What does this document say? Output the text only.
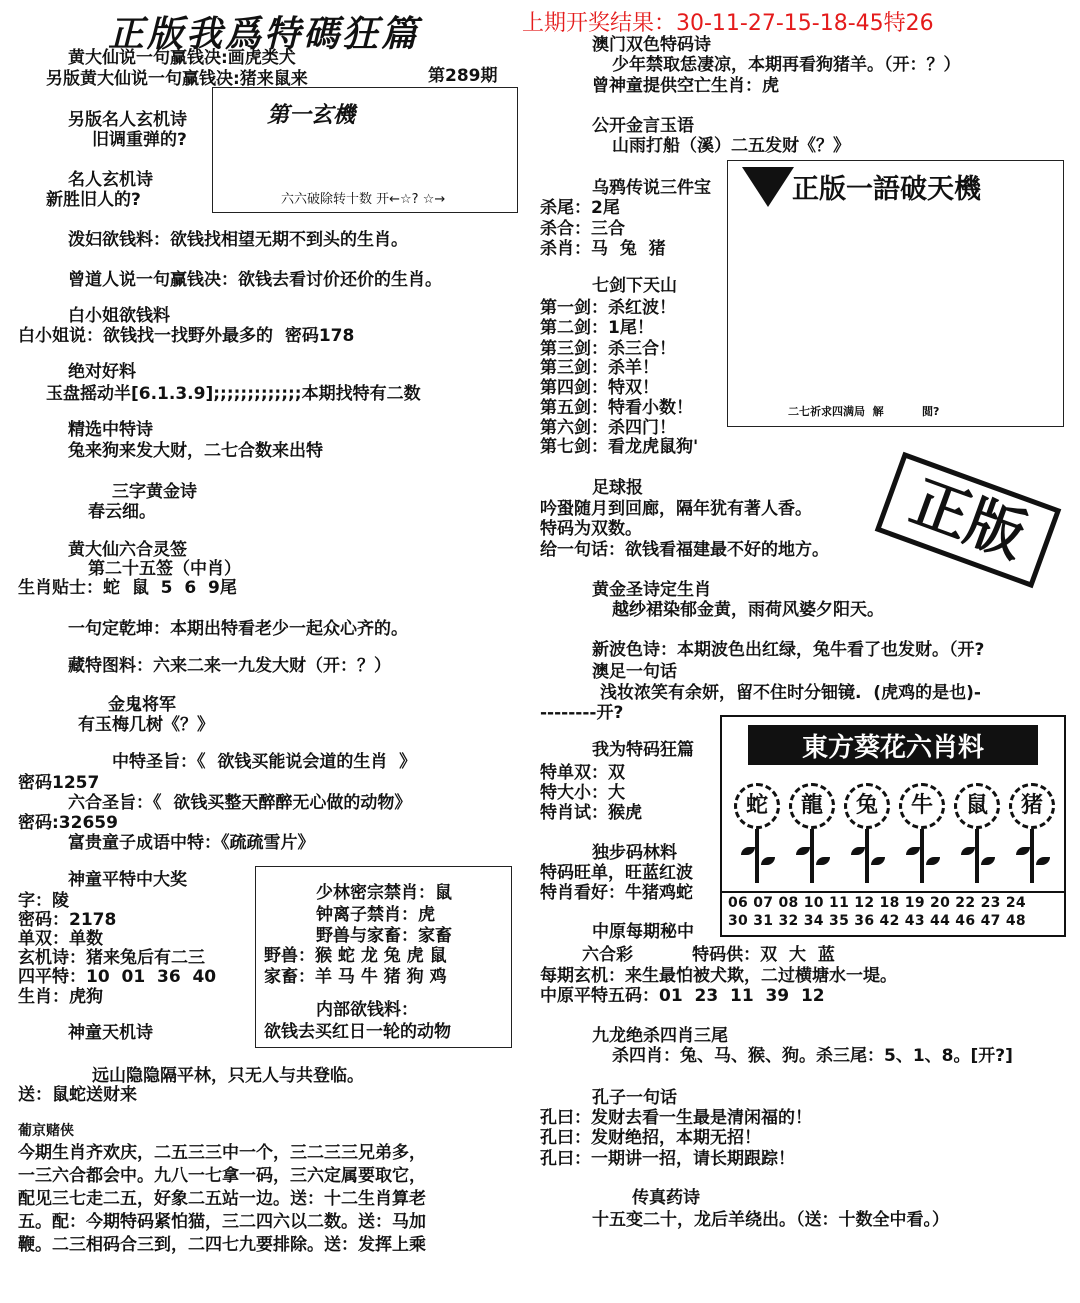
正版我爲特碼狂篇	上期开奖结果：30-11-27-15-18-45特26
第一玄機
六六破除转十数 开←☆? ☆→
第289期
少林密宗禁肖：鼠
钟离子禁肖：虎
野兽与家畜：家畜
野兽：猴 蛇 龙 兔 虎 鼠
家畜：羊 马 牛 猪 狗 鸡
内部欲钱料：
欲钱去买红日一轮的动物
黄大仙说一句赢钱决:画虎类犬
另版黄大仙说一句赢钱决:猪来鼠来
另版名人玄机诗
旧调重弹的?
名人玄机诗
新胜旧人的?
泼妇欲钱料：欲钱找相望无期不到头的生肖。
曾道人说一句赢钱决：欲钱去看讨价还价的生肖。
白小姐欲钱料
白小姐说：欲钱找一找野外最多的  密码178
绝对好料
玉盘摇动半[6.1.3.9];;;;;;;;;;;;;本期找特有二数
精选中特诗
兔来狗来发大财，二七合数来出特
三字黄金诗
春云细。
黄大仙六合灵签
第二十五签（中肖）
生肖贴士：蛇  鼠  5  6  9尾
一句定乾坤：本期出特看老少一起众心齐的。
藏特图料：六来二来一九发大财（开：？）
金鬼将军
有玉梅几树《？》
中特圣旨：《  欲钱买能说会道的生肖  》
密码1257
六合圣旨：《  欲钱买整天醉醉无心做的动物》
密码:32659
富贵童子成语中特：《疏疏雪片》
神童平特中大奖
字：陵
密码：2178
单双：单数
玄机诗：猪来兔后有二三
四平特：10  01  36  40
生肖：虎狗
神童天机诗
远山隐隐隔平林，只无人与共登临。
送：鼠蛇送财来
葡京赌侠
今期生肖齐欢庆，二五三三中一个，三二三三兄弟多，
一三六合都会中。九八一七拿一码，三六定属要取它，
配见三七走二五，好象二五站一边。送：十二生肖算老
五。配：今期特码紧怕猫，三二四六以二数。送：马加
鞭。二三相码合三到，二四七九要排除。送：发挥上乘
正版一語破天機
二七祈求四满局  解          閲?
正版
東方葵花六肖料
蛇	龍	兔	牛	鼠	猪
06 07 08 10 11 12 18 19 20 22 23 24
30 31 32 34 35 36 42 43 44 46 47 48
澳门双色特码诗
少年禁取恁凄凉，本期再看狗猪羊。（开：？）
曾神童提供空亡生肖：虎
公开金言玉语
山雨打船（溪）二五发财《？》
乌鸦传说三件宝
杀尾：2尾
杀合：三合
杀肖：马  兔  猪
七剑下天山
第一剑：杀红波！
第二剑：1尾！
第三剑：杀三合！
第三剑：杀羊！
第四剑：特双！
第五剑：特看小数！
第六剑：杀四门！
第七剑：看龙虎鼠狗'
足球报
吟蛩随月到回廊，隔年犹有著人香。
特码为双数。
给一句话：欲钱看福建最不好的地方。
黄金圣诗定生肖
越纱裙染郁金黄，雨荷风婆夕阳天。
新波色诗：本期波色出红绿，兔牛看了也发财。（开?
澳足一句话
浅妆浓笑有余妍，留不住时分钿镜.  (虎鸡的是也)-
--------开?
我为特码狂篇
特单双：双
特大小：大
特肖试：猴虎
独步码林料
特码旺单，旺蓝红波
特肖看好：牛猪鸡蛇
中原每期秘中
六合彩          特码供：双  大  蓝
每期玄机：来生最怕被犬欺，二过横塘水一堤。
中原平特五码：01  23  11  39  12
九龙绝杀四肖三尾
杀四肖：兔、马、猴、狗。杀三尾：5、1、8。[开?]
孔子一句话
孔曰：发财去看一生最是清闲福的！
孔曰：发财绝招，本期无招！
孔曰：一期讲一招，请长期跟踪！
传真药诗
十五变二十，龙后羊绕出。（送：十数全中看。）
